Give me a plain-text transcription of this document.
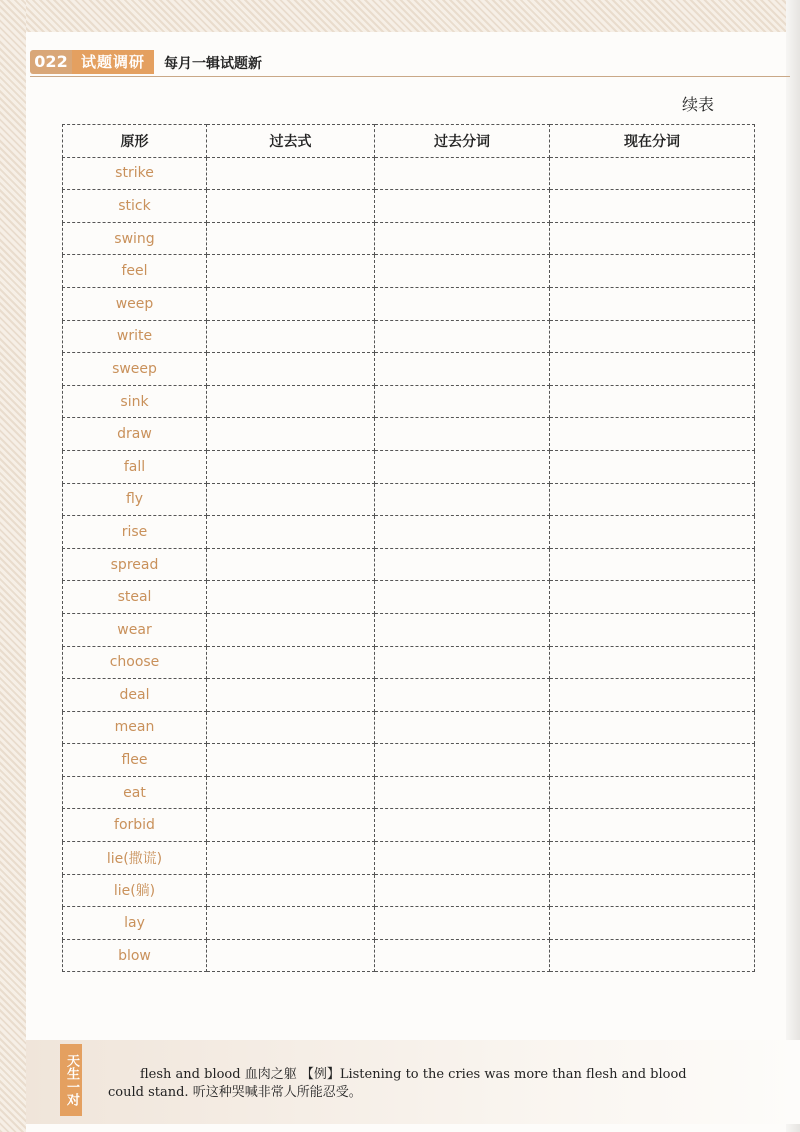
022 试题调研	每月一辑试题新
续表
原形	过去式	过去分词	现在分词
strike			
stick			
swing			
feel			
weep			
write			
sweep			
sink			
draw			
fall			
fly			
rise			
spread			
steal			
wear			
choose			
deal			
mean			
flee			
eat			
forbid			
lie(撒谎)			
lie(躺)			
lay			
blow			
天生一对	flesh and blood 血肉之躯 【例】Listening to the cries was more than flesh and blood
could stand. 听这种哭喊非常人所能忍受。
